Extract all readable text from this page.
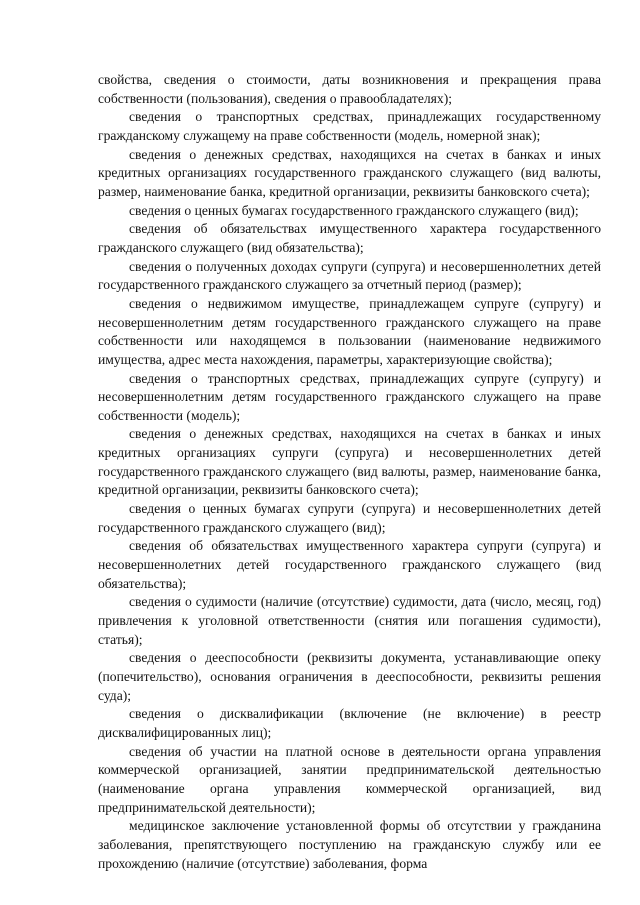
свойства, сведения о стоимости, даты возникновения и прекращения права собственности (пользования), сведения о правообладателях);

сведения о транспортных средствах, принадлежащих государственному гражданскому служащему на праве собственности (модель, номерной знак);

сведения о денежных средствах, находящихся на счетах в банках и иных кредитных организациях государственного гражданского служащего (вид валюты, размер, наименование банка, кредитной организации, реквизиты банковского счета);

сведения о ценных бумагах государственного гражданского служащего (вид);

сведения об обязательствах имущественного характера государственного гражданского служащего (вид обязательства);

сведения о полученных доходах супруги (супруга) и несовершеннолетних детей государственного гражданского служащего за отчетный период (размер);

сведения о недвижимом имуществе, принадлежащем супруге (супругу) и несовершеннолетним детям государственного гражданского служащего на праве собственности или находящемся в пользовании (наименование недвижимого имущества, адрес места нахождения, параметры, характеризующие свойства);

сведения о транспортных средствах, принадлежащих супруге (супругу) и несовершеннолетним детям государственного гражданского служащего на праве собственности (модель);

сведения о денежных средствах, находящихся на счетах в банках и иных кредитных организациях супруги (супруга) и несовершеннолетних детей государственного гражданского служащего (вид валюты, размер, наименование банка, кредитной организации, реквизиты банковского счета);

сведения о ценных бумагах супруги (супруга) и несовершеннолетних детей государственного гражданского служащего (вид);

сведения об обязательствах имущественного характера супруги (супруга) и несовершеннолетних детей государственного гражданского служащего (вид обязательства);

сведения о судимости (наличие (отсутствие) судимости, дата (число, месяц, год) привлечения к уголовной ответственности (снятия или погашения судимости), статья);

сведения о дееспособности (реквизиты документа, устанавливающие опеку (попечительство), основания ограничения в дееспособности, реквизиты решения суда);

сведения о дисквалификации (включение (не включение) в реестр дисквалифицированных лиц);

сведения об участии на платной основе в деятельности органа управления коммерческой организацией, занятии предпринимательской деятельностью (наименование органа управления коммерческой организацией, вид предпринимательской деятельности);

медицинское заключение установленной формы об отсутствии у гражданина заболевания, препятствующего поступлению на гражданскую службу или ее прохождению (наличие (отсутствие) заболевания, форма
